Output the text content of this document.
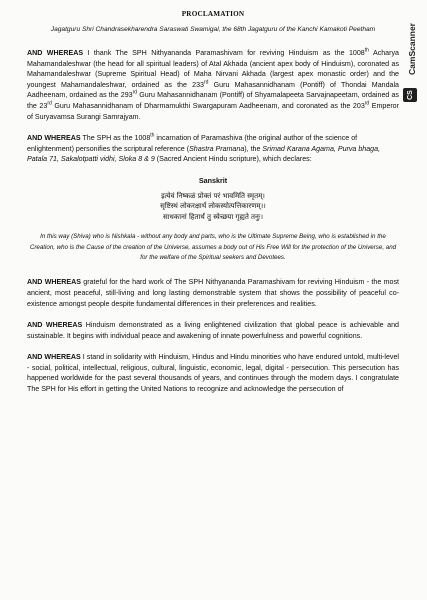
CamScanner
CS
PROCLAMATION
Jagatguru Shri Chandrasekharendra Saraswati Swamigal, the 68th Jagatguru of the Kanchi Kamakoti Peetham

AND WHEREAS I thank The SPH Nithyananda Paramashivam for reviving Hinduism as the 1008th Acharya Mahamandaleshwar (the head for all spiritual leaders) of Atal Akhada (ancient apex body of Hinduism), coronated as Mahamandaleshwar (Supreme Spiritual Head) of Maha Nirvani Akhada (largest apex monastic order) and the youngest Mahamandaleshwar, ordained as the 233rd Guru Mahasannidhanam (Pontiff) of Thondai Mandala Aadheenam, ordained as the 293rd Guru Mahasannidhanam (Pontiff) of Shyamalapeeta Sarvajnapeetam, ordained as the 23rd Guru Mahasannidhanam of Dharmamukthi Swargapuram Aadheenam, and coronated as the 203rd Emperor of Suryavamsa Surangi Samrajyam.

AND WHEREAS The SPH as the 1008th incarnation of Paramashiva (the original author of the science of enlightenment) personifies the scriptural reference (Shastra Pramana), the Srimad Karana Agama, Purva bhaga, Patala 71, Sakalotpatti vidhi, Sloka 8 & 9 (Sacred Ancient Hindu scripture), which declares:

Sanskrit
इत्येवं निष्कळं प्रोक्तं परं भावमिति स्मृतम्।
सृष्टिस्थं लोकरक्षार्थं लोकस्योत्पत्तिकारणम्।।
साधकानां हितार्थं तु स्वेच्छया गृह्यते तनुः।
In this way (Shiva) who is Nishkala - without any body and parts, who is the Ultimate Supreme Being, who is established in the Creation, who is the Cause of the creation of the Universe, assumes a body out of His Free Will for the protection of the Universe, and for the welfare of the Spiritual seekers and Devotees.

AND WHEREAS grateful for the hard work of The SPH Nithyananda Paramashivam for reviving Hinduism - the most ancient, most peaceful, still-living and long lasting demonstrable system that shows the possibility of peaceful co-existence amongst people despite fundamental differences in their preferences and realities.

AND WHEREAS Hinduism demonstrated as a living enlightened civilization that global peace is achievable and sustainable. It begins with individual peace and awakening of innate powerfulness and powerful cognitions.

AND WHEREAS I stand in solidarity with Hinduism, Hindus and Hindu minorities who have endured untold, multi-level - social, political, intellectual, religious, cultural, linguistic, economic, legal, digital - persecution. This persecution has happened worldwide for the past several thousands of years, and continues through the modern days. I congratulate The SPH for His effort in getting the United Nations to recognize and acknowledge the persecution of
